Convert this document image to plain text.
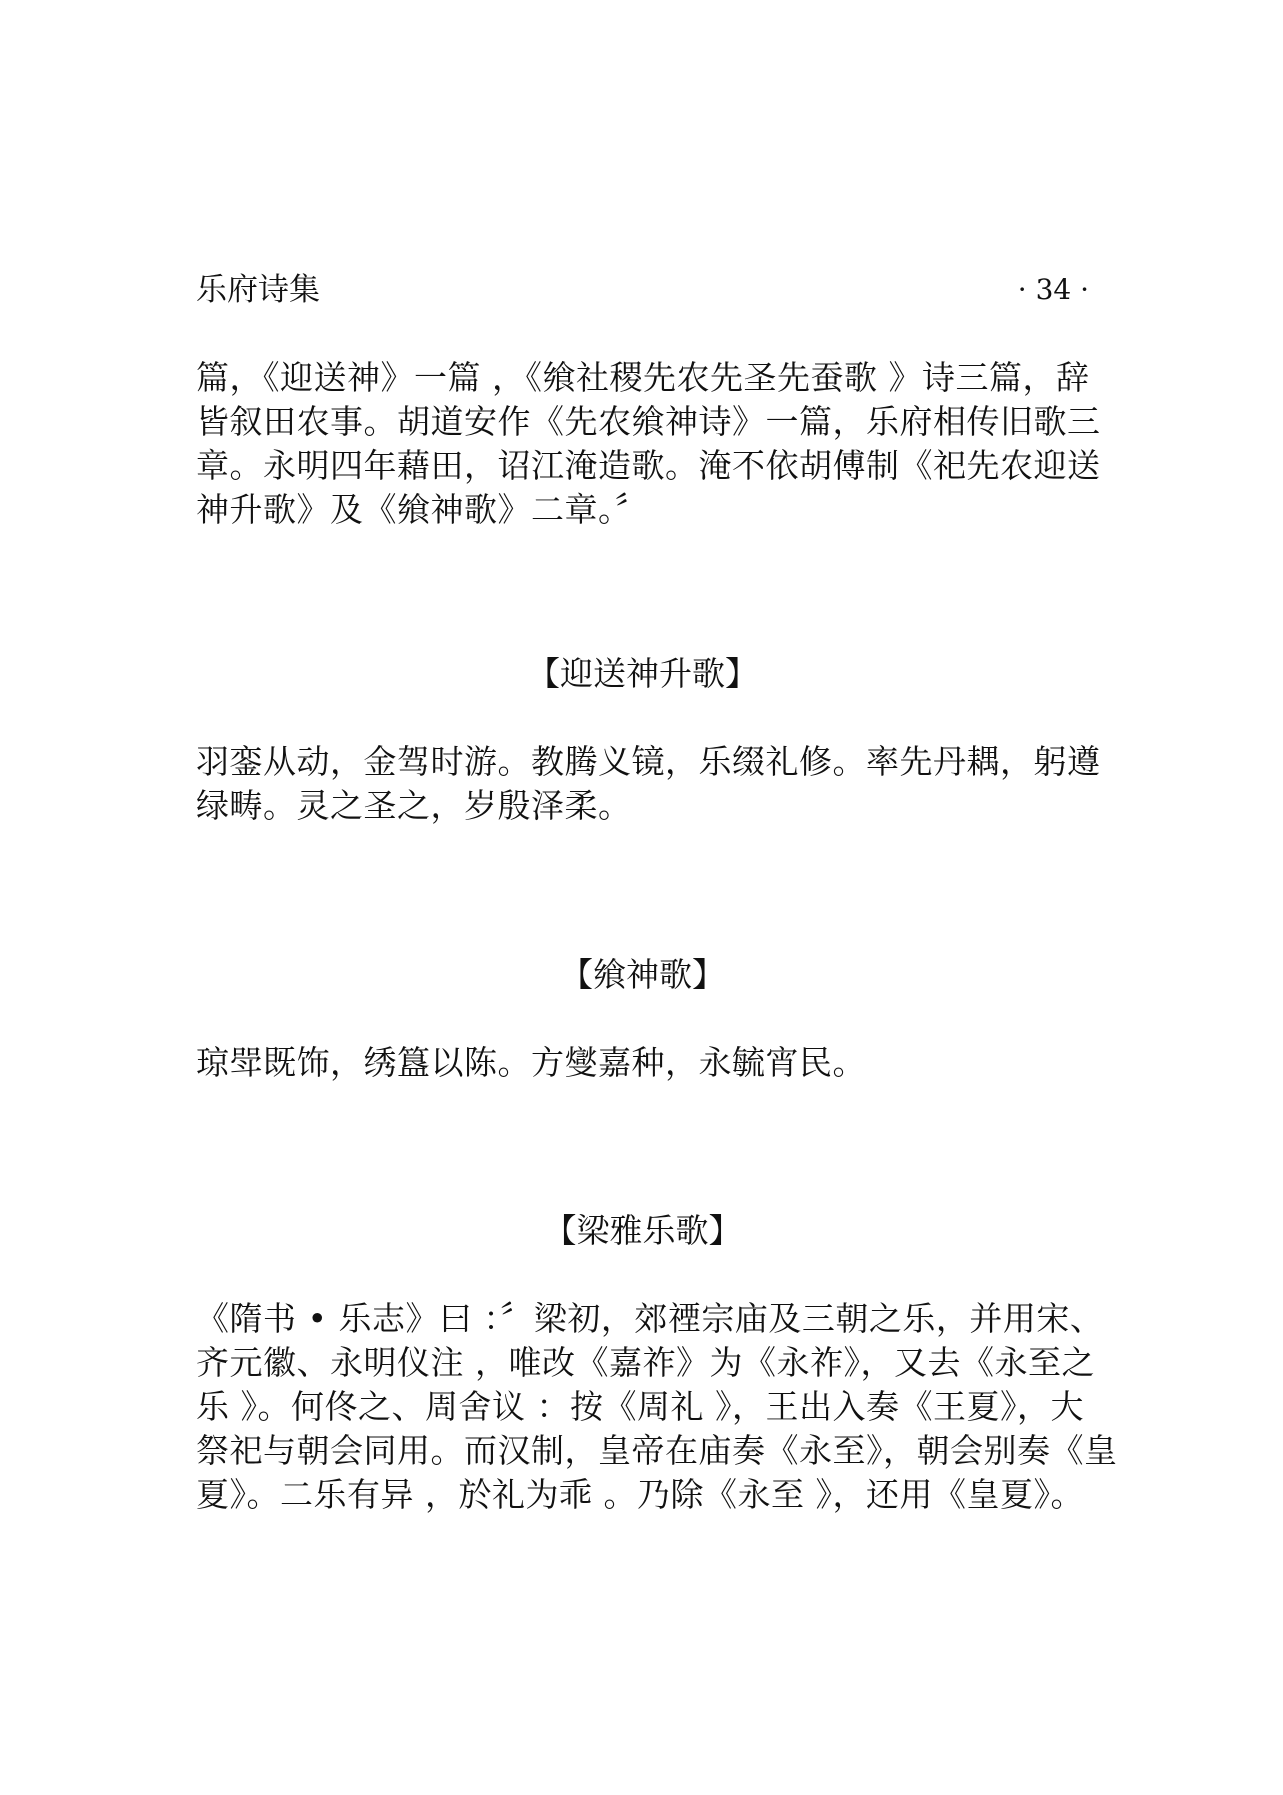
乐府诗集	· 34 ·

篇，《迎送神》一篇 ，《飨社稷先农先圣先蚕歌 》诗三篇，辞
皆叙田农事。胡道安作《先农飨神诗》一篇，乐府相传旧歌三
章。永明四年藉田，诏江淹造歌。淹不依胡傅制《祀先农迎送
神升歌》及《飨神歌》二章。〞

【迎送神升歌】

羽銮从动，金驾时游。教腾义镜，乐缀礼修。率先丹耦，躬遵
绿畴。灵之圣之，岁殷泽柔。

【飨神歌】

琼斝既饰，绣簋以陈。方燮嘉种，永毓宵民。

【梁雅乐歌】

《隋书 • 乐志》曰 ：〞梁初，郊禋宗庙及三朝之乐，并用宋、
齐元徽、永明仪注 ，唯改《嘉祚》为《永祚》，又去《永至之
乐 》。何佟之、周舍议 ：按《周礼 》，王出入奏《王夏》，大
祭祀与朝会同用。而汉制，皇帝在庙奏《永至》，朝会别奏《皇
夏》。二乐有异 ，於礼为乖 。乃除《永至 》，还用《皇夏》。
